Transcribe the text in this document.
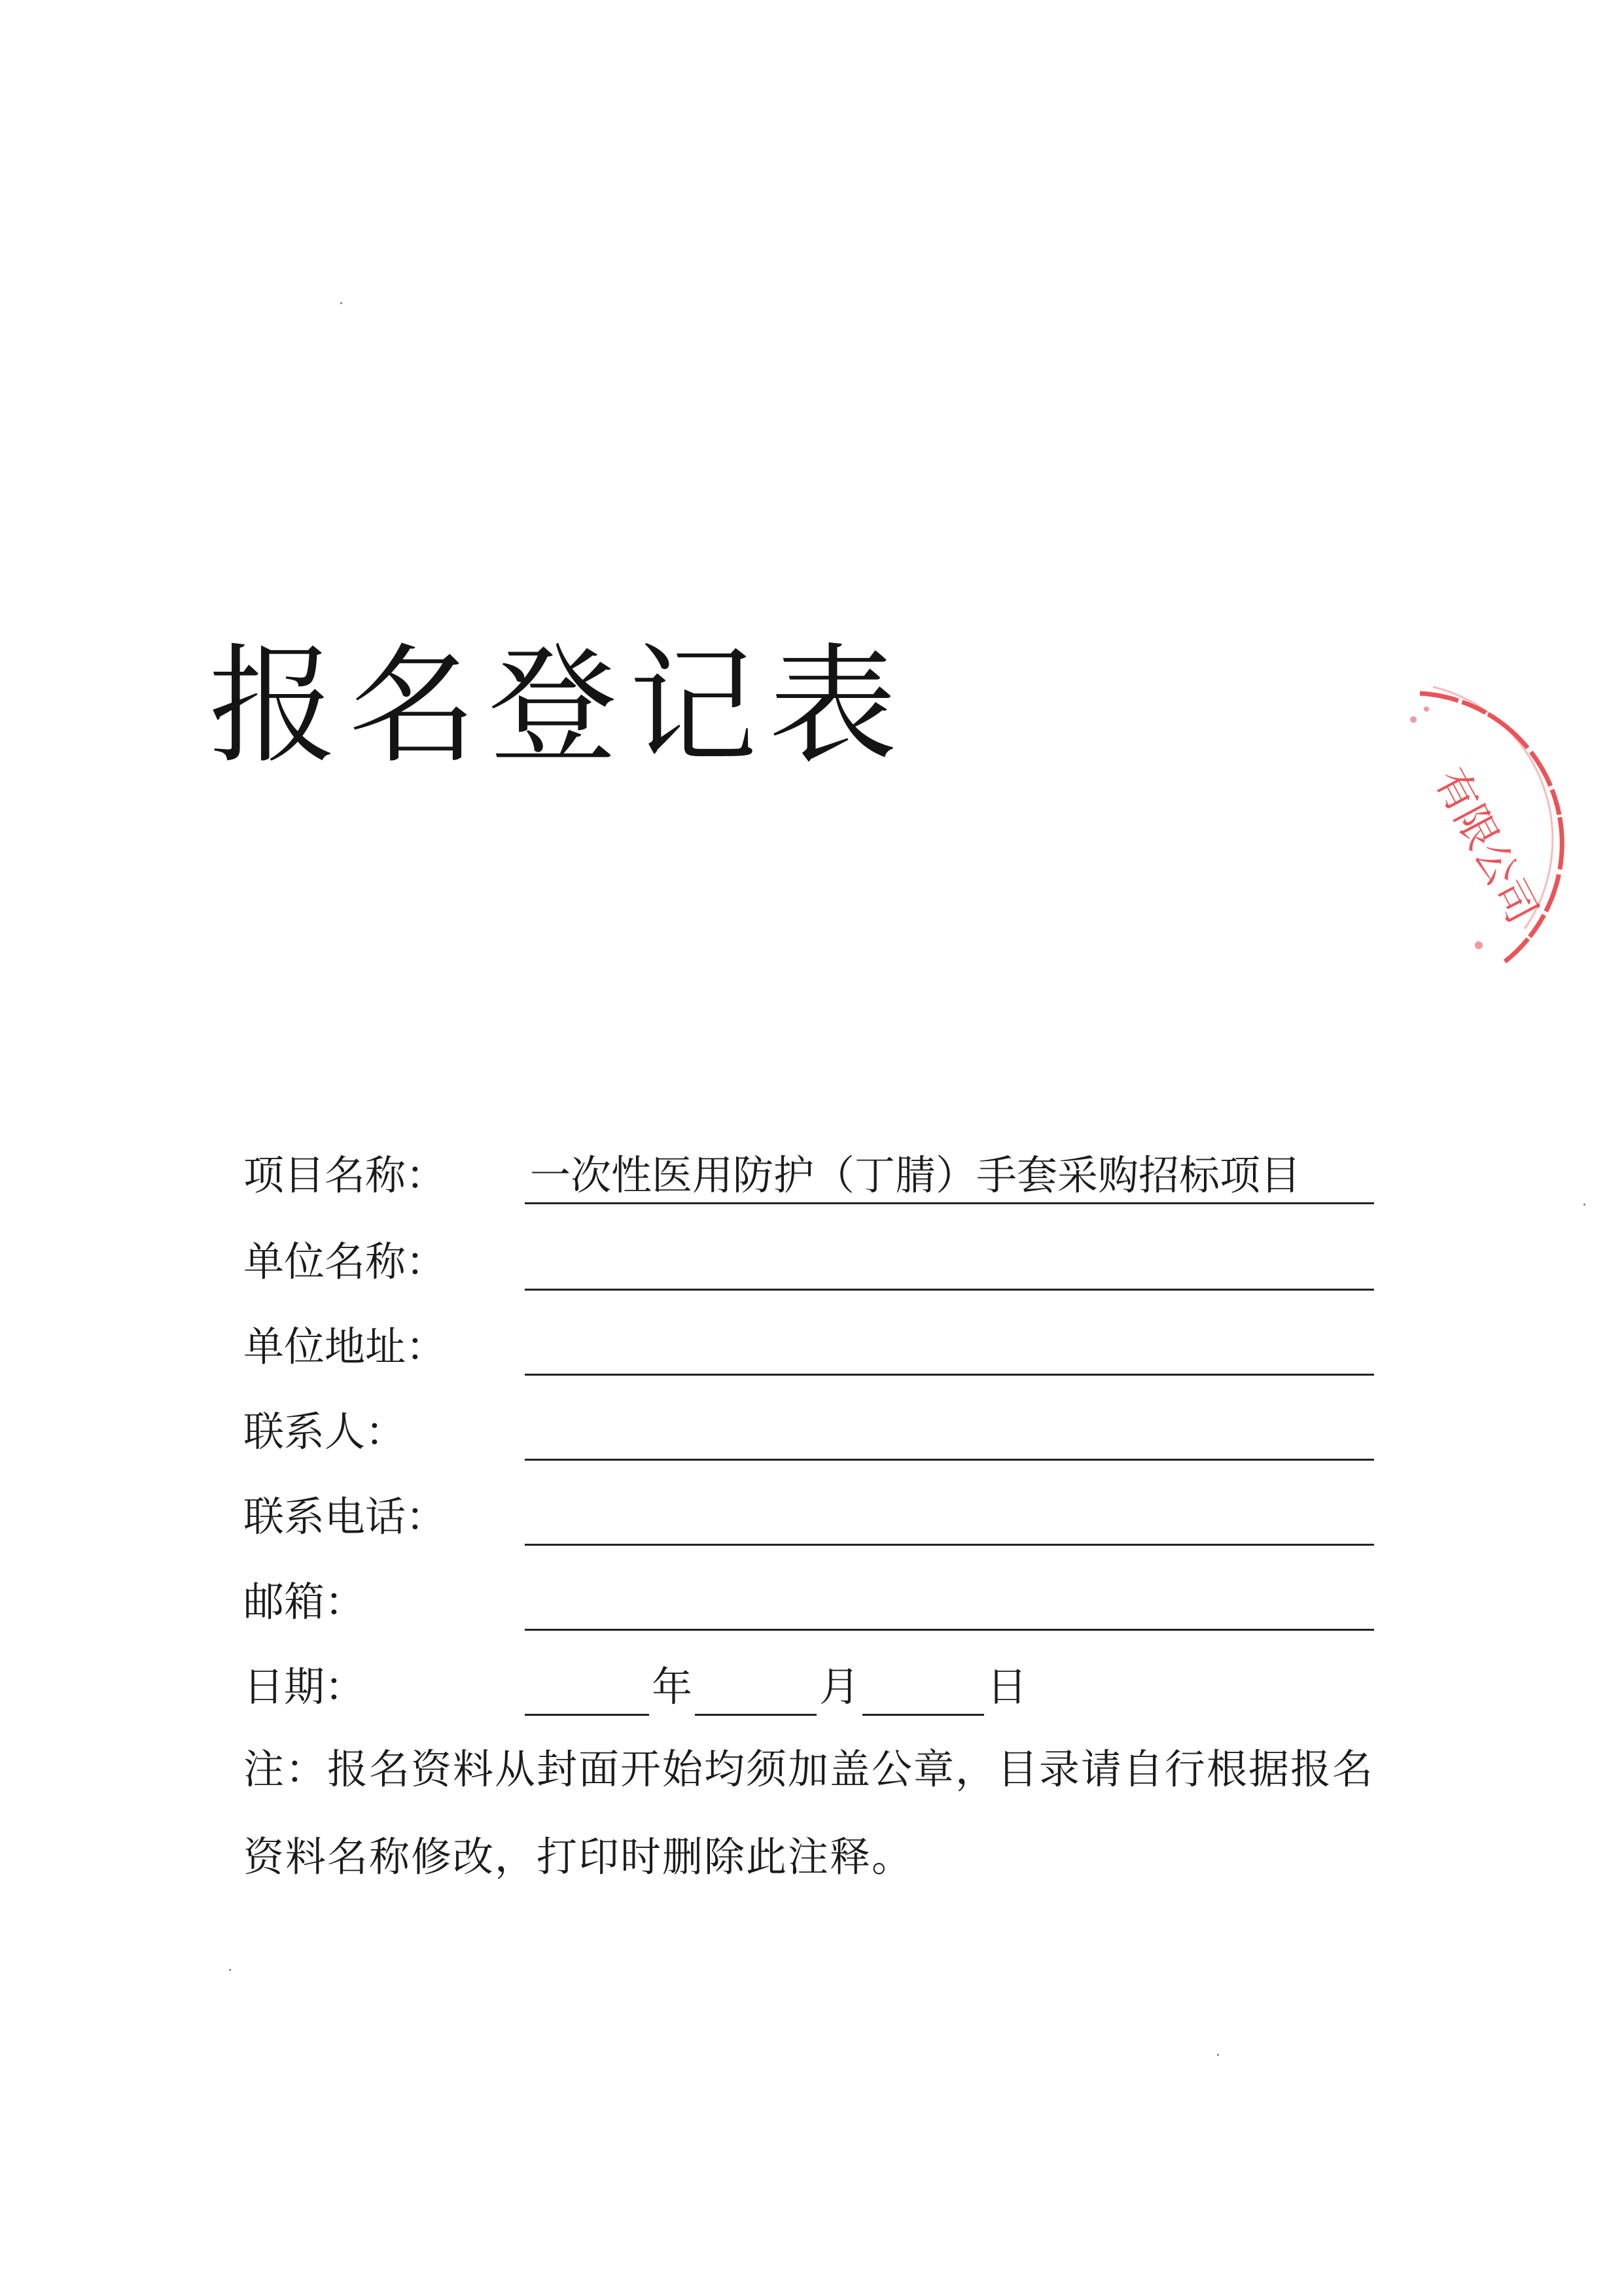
报名登记表
有限公司
项目名称： 一次性医用防护（丁腈）手套采购招标项目
单位名称：
单位地址：
联系人：
联系电话：
邮箱：
日期：	年	月	日

注：报名资料从封面开始均须加盖公章，目录请自行根据报名资料名称修改，打印时删除此注释。
